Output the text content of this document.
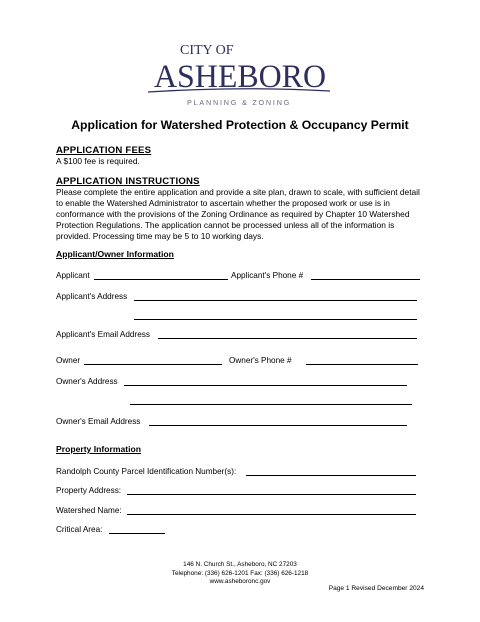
CITY OF
ASHEBORO
PLANNING & ZONING
Application for Watershed Protection & Occupancy Permit
APPLICATION FEES
A $100 fee is required.
APPLICATION INSTRUCTIONS
Please complete the entire application and provide a site plan, drawn to scale, with sufficient detail to enable the Watershed Administrator to ascertain whether the proposed work or use is in conformance with the provisions of the Zoning Ordinance as required by Chapter 10 Watershed Protection Regulations. The application cannot be processed unless all of the information is provided. Processing time may be 5 to 10 working days.
Applicant/Owner Information
Applicant	Applicant's Phone #
Applicant's Address
Applicant's Email Address
Owner	Owner's Phone #
Owner's Address
Owner's Email Address
Property Information
Randolph County Parcel Identification Number(s):
Property Address:
Watershed Name:
Critical Area:
146 N. Church St., Asheboro, NC 27203
Telephone: (336) 626-1201 Fax: (336) 626-1218
www.asheboronc.gov
Page 1 Revised December 2024
